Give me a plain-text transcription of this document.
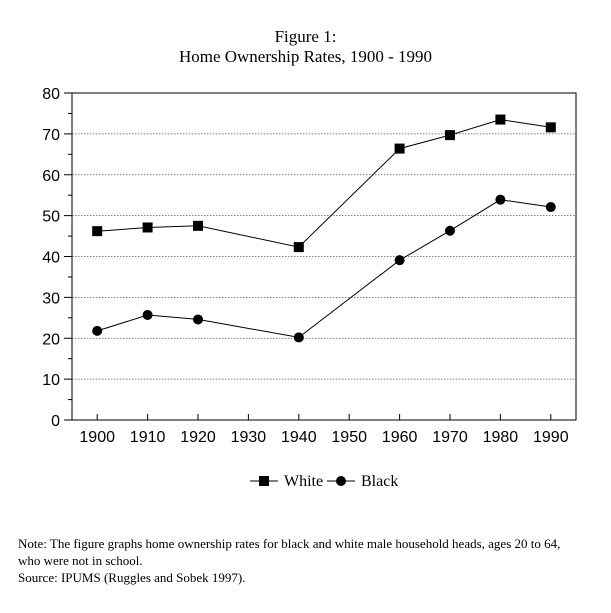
Figure 1:
Home Ownership Rates, 1900 - 1990
0
10
20
30
40
50
60
70
80
1900 1910 1920 1930 1940 1950 1960 1970 1980 1990
White Black
Note: The figure graphs home ownership rates for black and white male household heads, ages 20 to 64,
who were not in school.
Source: IPUMS (Ruggles and Sobek 1997).
